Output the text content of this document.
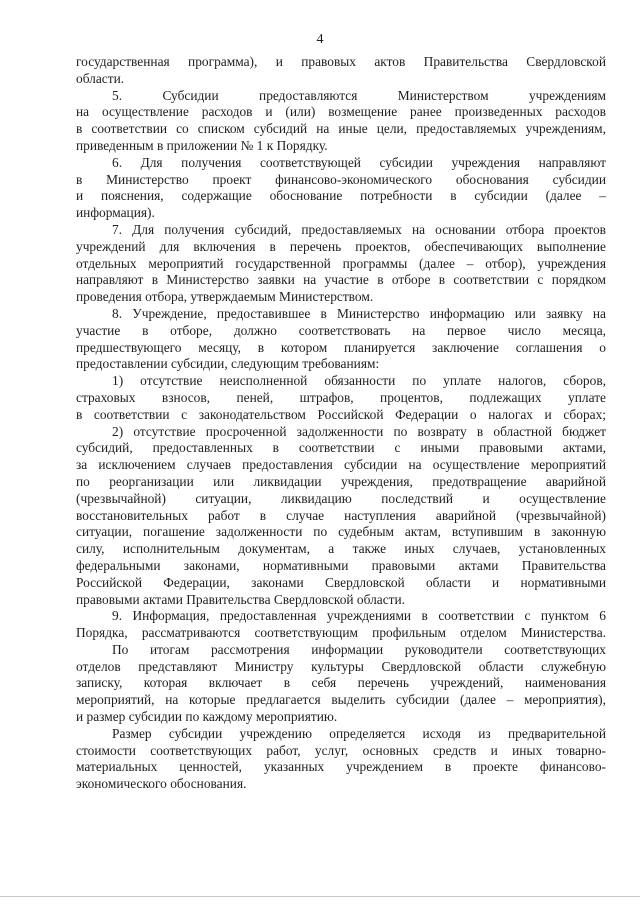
4
государственная программа), и правовых актов Правительства Свердловской
области.
5. Субсидии предоставляются Министерством учреждениям
на осуществление расходов и (или) возмещение ранее произведенных расходов
в соответствии со списком субсидий на иные цели, предоставляемых учреждениям,
приведенным в приложении № 1 к Порядку.
6. Для получения соответствующей субсидии учреждения направляют
в Министерство проект финансово-экономического обоснования субсидии
и пояснения, содержащие обоснование потребности в субсидии (далее –
информация).
7. Для получения субсидий, предоставляемых на основании отбора проектов
учреждений для включения в перечень проектов, обеспечивающих выполнение
отдельных мероприятий государственной программы (далее – отбор), учреждения
направляют в Министерство заявки на участие в отборе в соответствии с порядком
проведения отбора, утверждаемым Министерством.
8. Учреждение, предоставившее в Министерство информацию или заявку на
участие в отборе, должно соответствовать на первое число месяца,
предшествующего месяцу, в котором планируется заключение соглашения о
предоставлении субсидии, следующим требованиям:
1) отсутствие неисполненной обязанности по уплате налогов, сборов,
страховых взносов, пеней, штрафов, процентов, подлежащих уплате
в соответствии с законодательством Российской Федерации о налогах и сборах;
2) отсутствие просроченной задолженности по возврату в областной бюджет
субсидий, предоставленных в соответствии с иными правовыми актами,
за исключением случаев предоставления субсидии на осуществление мероприятий
по реорганизации или ликвидации учреждения, предотвращение аварийной
(чрезвычайной) ситуации, ликвидацию последствий и осуществление
восстановительных работ в случае наступления аварийной (чрезвычайной)
ситуации, погашение задолженности по судебным актам, вступившим в законную
силу, исполнительным документам, а также иных случаев, установленных
федеральными законами, нормативными правовыми актами Правительства
Российской Федерации, законами Свердловской области и нормативными
правовыми актами Правительства Свердловской области.
9. Информация, предоставленная учреждениями в соответствии с пунктом 6
Порядка, рассматриваются соответствующим профильным отделом Министерства.
По итогам рассмотрения информации руководители соответствующих
отделов представляют Министру культуры Свердловской области служебную
записку, которая включает в себя перечень учреждений, наименования
мероприятий, на которые предлагается выделить субсидии (далее – мероприятия),
и размер субсидии по каждому мероприятию.
Размер субсидии учреждению определяется исходя из предварительной
стоимости соответствующих работ, услуг, основных средств и иных товарно-
материальных ценностей, указанных учреждением в проекте финансово-
экономического обоснования.
